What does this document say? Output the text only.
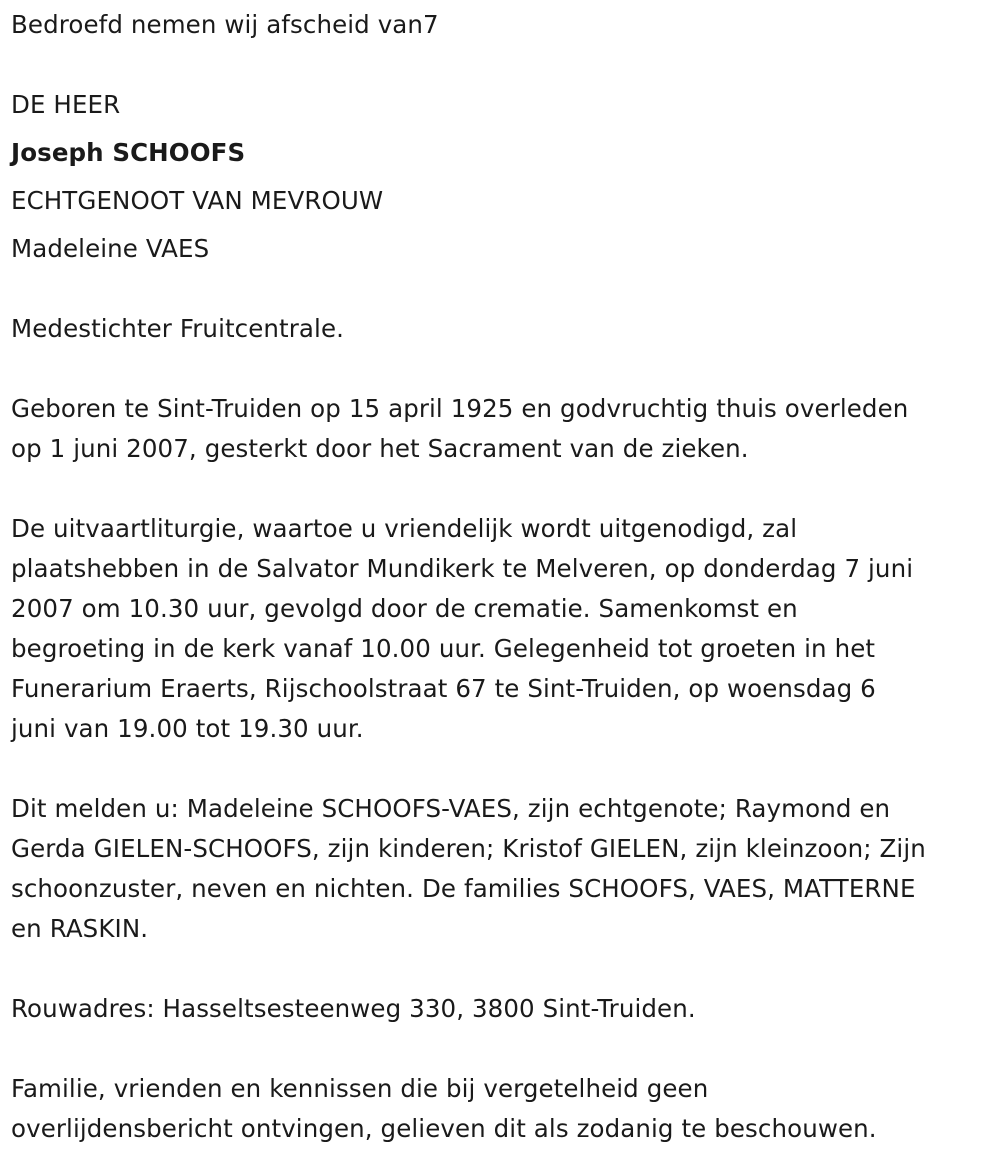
Bedroefd nemen wij afscheid van7

DE HEER

Joseph SCHOOFS

ECHTGENOOT VAN MEVROUW

Madeleine VAES

Medestichter Fruitcentrale.

Geboren te Sint-Truiden op 15 april 1925 en godvruchtig thuis overleden

op 1 juni 2007, gesterkt door het Sacrament van de zieken.

De uitvaartliturgie, waartoe u vriendelijk wordt uitgenodigd, zal

plaatshebben in de Salvator Mundikerk te Melveren, op donderdag 7 juni

2007 om 10.30 uur, gevolgd door de crematie. Samenkomst en

begroeting in de kerk vanaf 10.00 uur. Gelegenheid tot groeten in het

Funerarium Eraerts, Rijschoolstraat 67 te Sint-Truiden, op woensdag 6

juni van 19.00 tot 19.30 uur.

Dit melden u: Madeleine SCHOOFS-VAES, zijn echtgenote; Raymond en

Gerda GIELEN-SCHOOFS, zijn kinderen; Kristof GIELEN, zijn kleinzoon; Zijn

schoonzuster, neven en nichten. De families SCHOOFS, VAES, MATTERNE

en RASKIN.

Rouwadres: Hasseltsesteenweg 330, 3800 Sint-Truiden.

Familie, vrienden en kennissen die bij vergetelheid geen

overlijdensbericht ontvingen, gelieven dit als zodanig te beschouwen.
